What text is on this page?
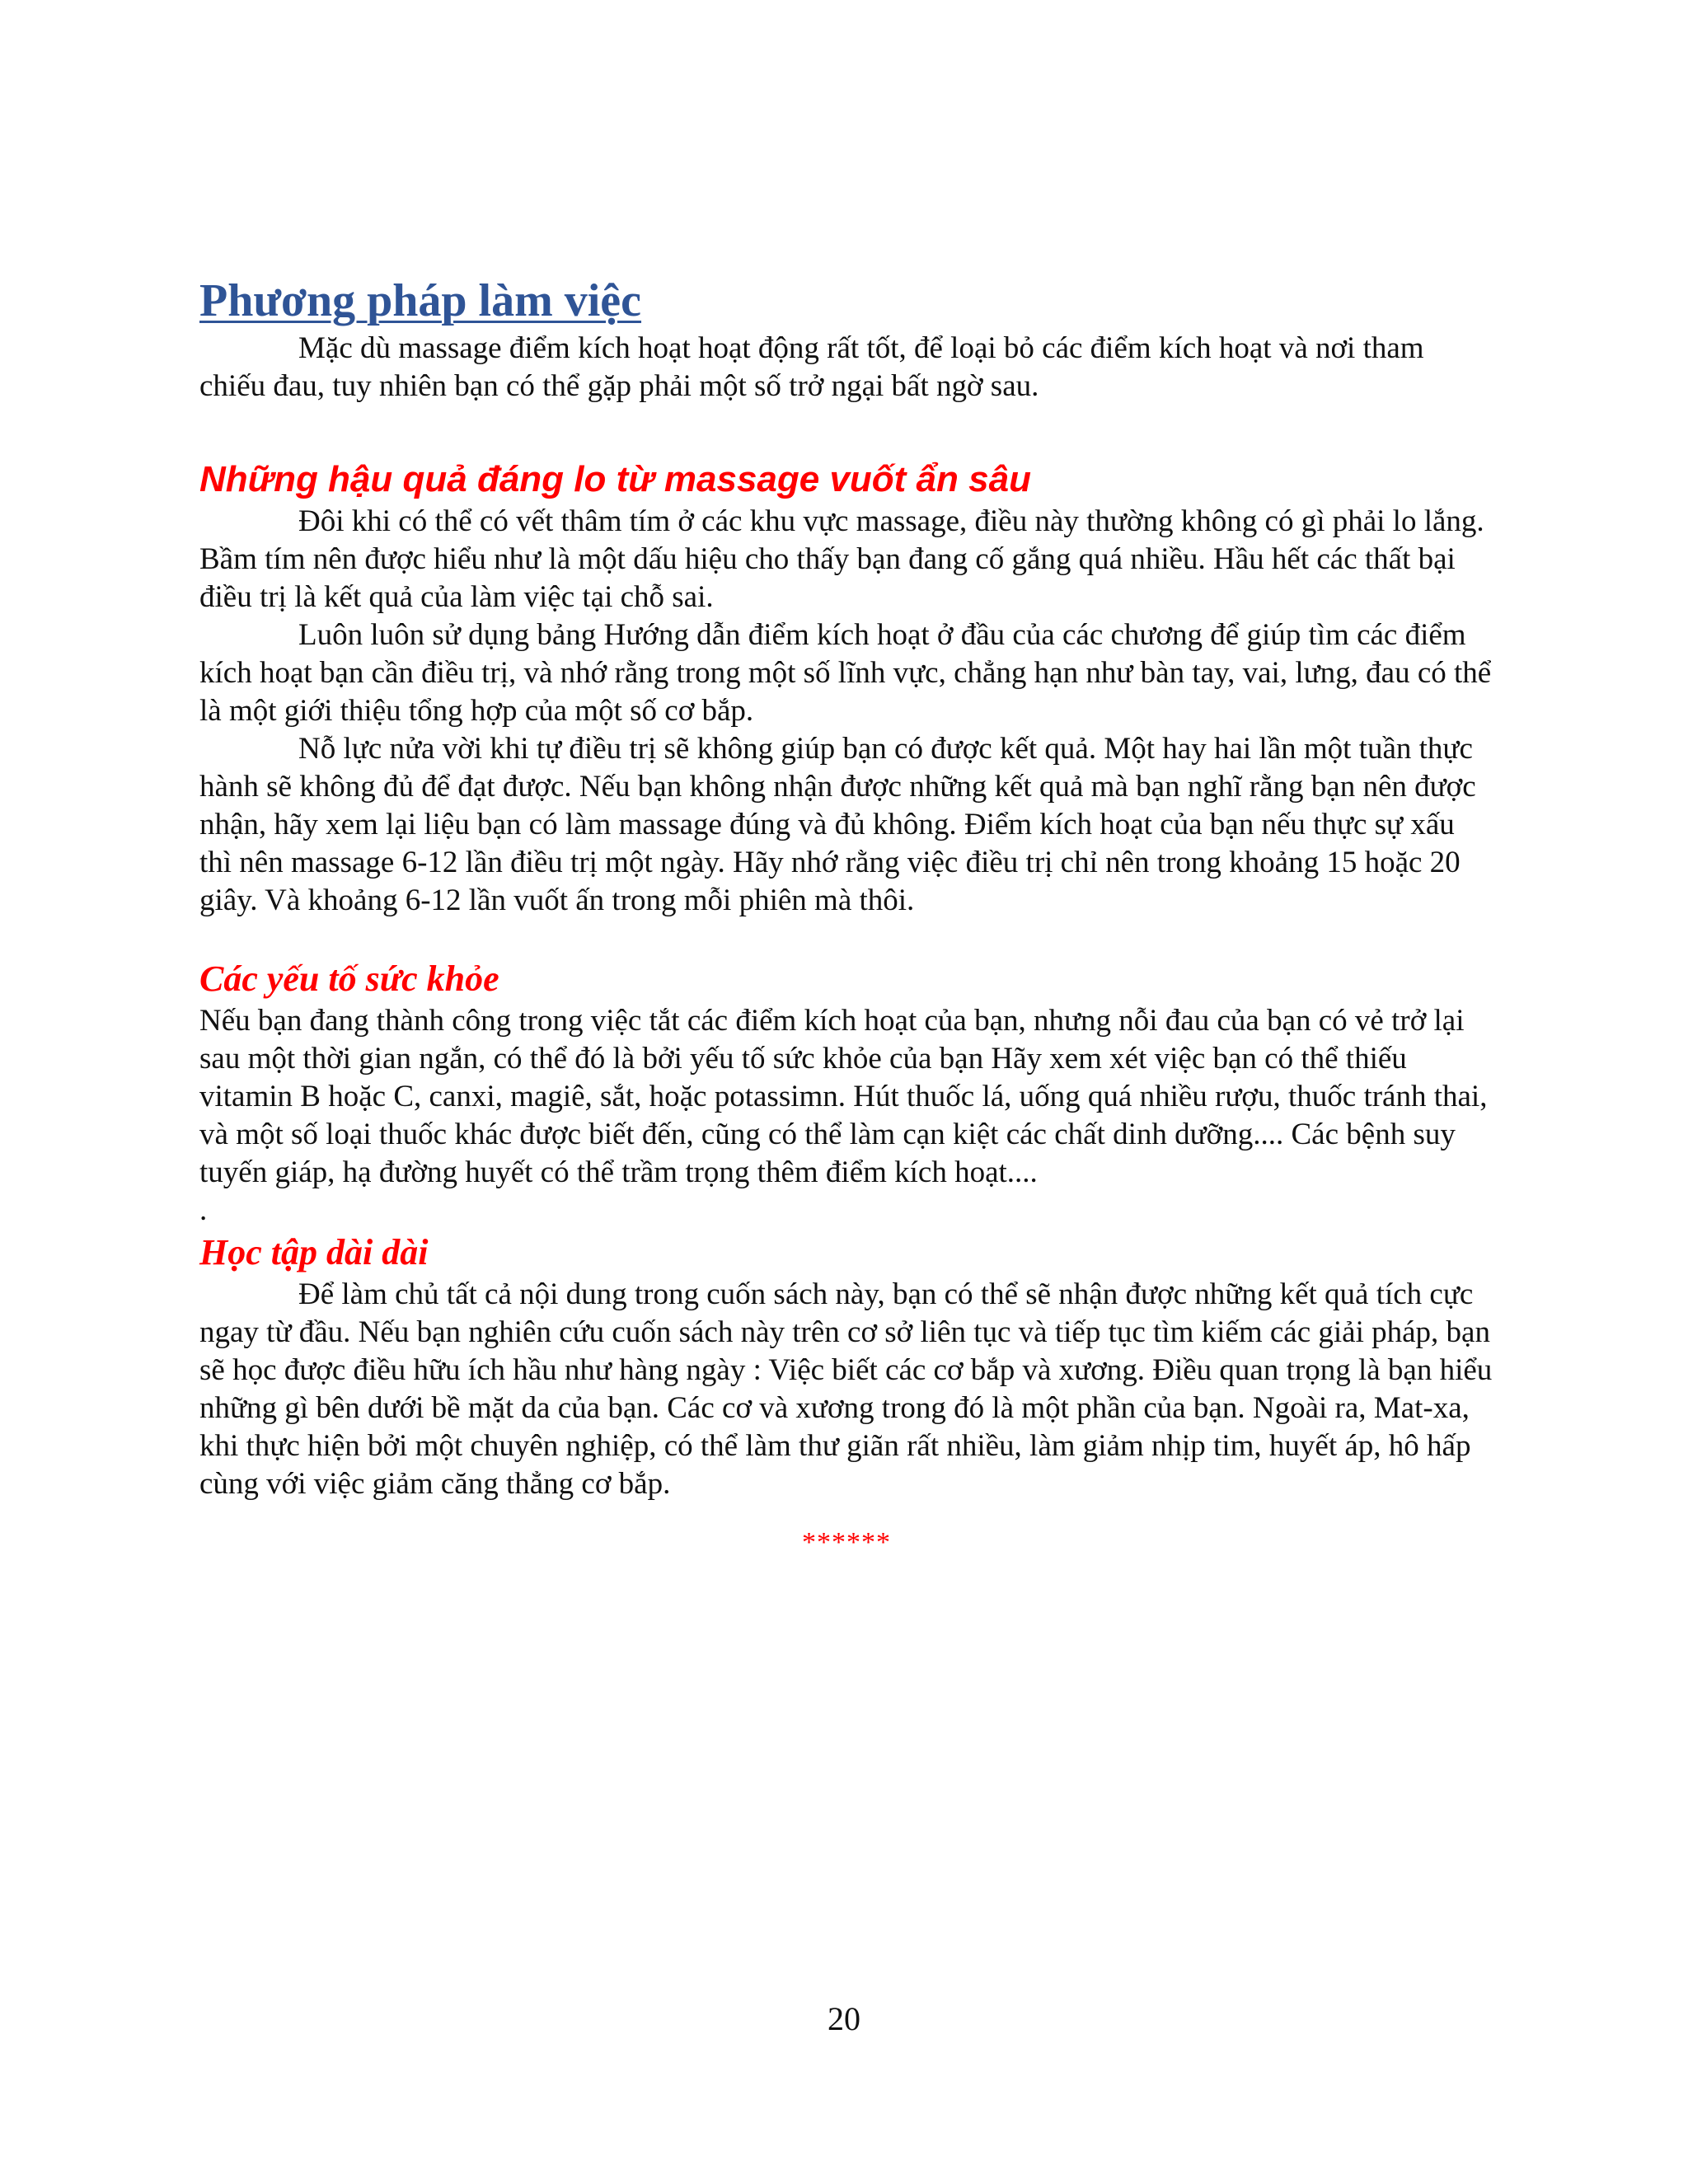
Phương pháp làm việc

Mặc dù massage điểm kích hoạt hoạt động rất tốt, để loại bỏ các điểm kích hoạt và nơi tham chiếu đau, tuy nhiên bạn có thể gặp phải một số trở ngại bất ngờ sau.

Những hậu quả đáng lo từ massage vuốt ẩn sâu

Đôi khi có thể có vết thâm tím ở các khu vực massage, điều này thường không có gì phải lo lắng. Bầm tím nên được hiểu như là một dấu hiệu cho thấy bạn đang cố gắng quá nhiều. Hầu hết các thất bại điều trị là kết quả của làm việc tại chỗ sai.

Luôn luôn sử dụng bảng Hướng dẫn điểm kích hoạt ở đầu của các chương để giúp tìm các điểm kích hoạt bạn cần điều trị, và nhớ rằng trong một số lĩnh vực, chẳng hạn như bàn tay, vai, lưng, đau có thể là một giới thiệu tổng hợp của một số cơ bắp.

Nỗ lực nửa vời khi tự điều trị sẽ không giúp bạn có được kết quả. Một hay hai lần một tuần thực hành sẽ không đủ để đạt được. Nếu bạn không nhận được những kết quả mà bạn nghĩ rằng bạn nên được nhận, hãy xem lại liệu bạn có làm massage đúng và đủ không. Điểm kích hoạt của bạn nếu thực sự xấu thì nên massage 6-12 lần điều trị một ngày. Hãy nhớ rằng việc điều trị chỉ nên trong khoảng 15 hoặc 20 giây. Và khoảng 6-12 lần vuốt ấn trong mỗi phiên mà thôi.

Các yếu tố sức khỏe

Nếu bạn đang thành công trong việc tắt các điểm kích hoạt của bạn, nhưng nỗi đau của bạn có vẻ trở lại sau một thời gian ngắn, có thể đó là bởi yếu tố sức khỏe của bạn Hãy xem xét việc bạn có thể thiếu vitamin B hoặc C, canxi, magiê, sắt, hoặc potassimn. Hút thuốc lá, uống quá nhiều rượu, thuốc tránh thai, và một số loại thuốc khác được biết đến, cũng có thể làm cạn kiệt các chất dinh dưỡng.... Các bệnh suy tuyến giáp, hạ đường huyết có thể trầm trọng thêm điểm kích hoạt....

.

Học tập dài dài

Để làm chủ tất cả nội dung trong cuốn sách này, bạn có thể sẽ nhận được những kết quả tích cực ngay từ đầu. Nếu bạn nghiên cứu cuốn sách này trên cơ sở liên tục và tiếp tục tìm kiếm các giải pháp, bạn sẽ học được điều hữu ích hầu như hàng ngày : Việc biết các cơ bắp và xương. Điều quan trọng là bạn hiểu những gì bên dưới bề mặt da của bạn. Các cơ và xương trong đó là một phần của bạn. Ngoài ra, Mat-xa, khi thực hiện bởi một chuyên nghiệp, có thể làm thư giãn rất nhiều, làm giảm nhịp tim, huyết áp, hô hấp cùng với việc giảm căng thẳng cơ bắp.

******
20
